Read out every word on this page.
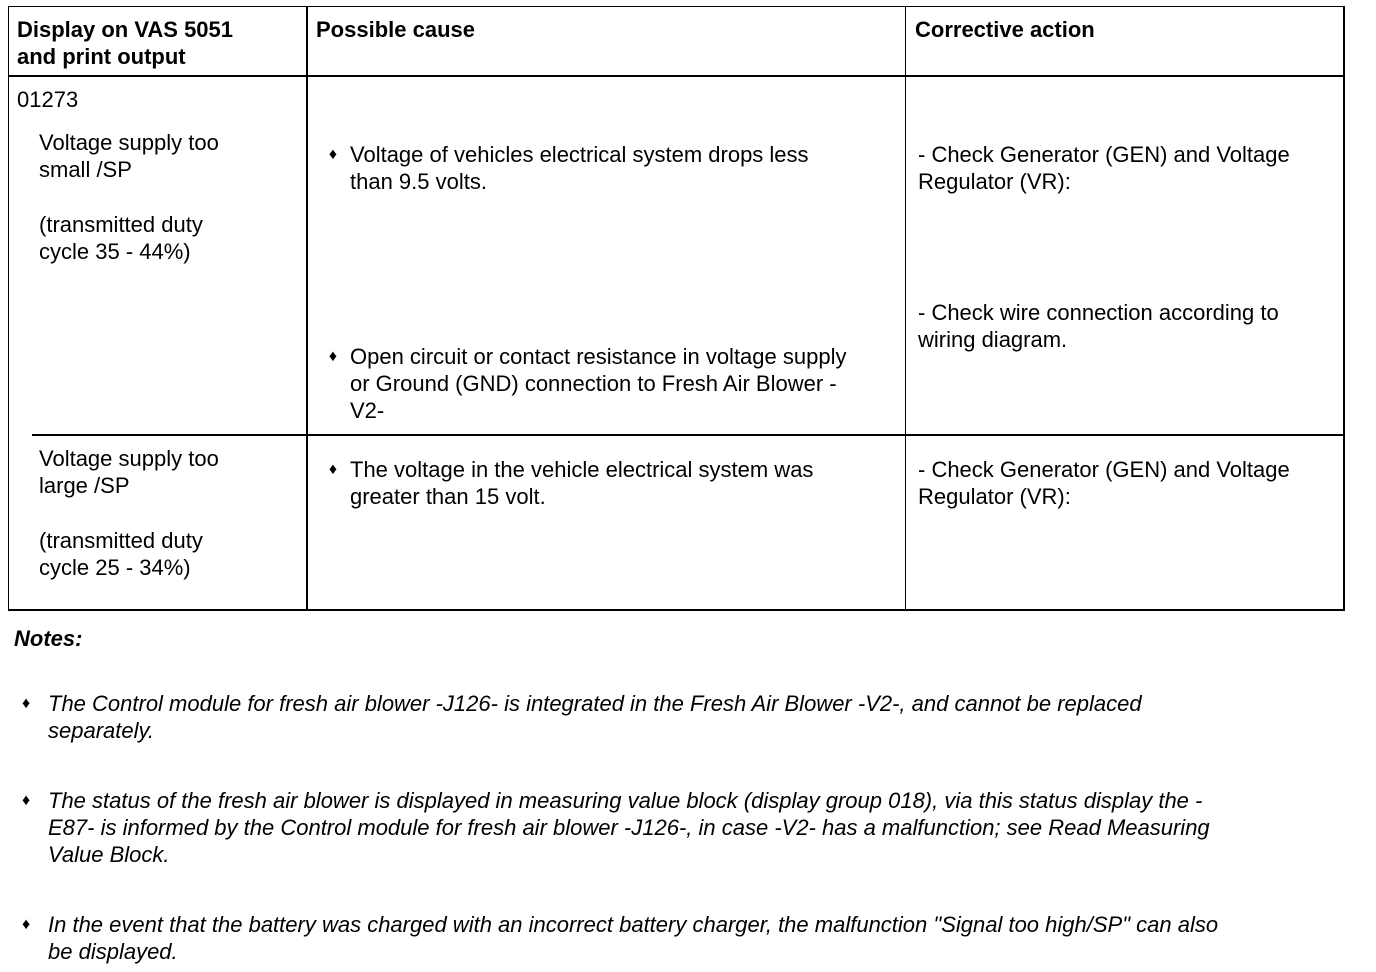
Display on VAS 5051
and print output
Possible cause	Corrective action
01273
Voltage supply too
small /SP
(transmitted duty
cycle 35 - 44%)
♦ Voltage of vehicles electrical system drops less
than 9.5 volts.
♦ Open circuit or contact resistance in voltage supply
or Ground (GND) connection to Fresh Air Blower -
V2-
- Check Generator (GEN) and Voltage
Regulator (VR):
- Check wire connection according to
wiring diagram.
Voltage supply too
large /SP
(transmitted duty
cycle 25 - 34%)
♦ The voltage in the vehicle electrical system was
greater than 15 volt.
- Check Generator (GEN) and Voltage
Regulator (VR):
Notes:
♦ The Control module for fresh air blower -J126- is integrated in the Fresh Air Blower -V2-, and cannot be replaced
separately.
♦ The status of the fresh air blower is displayed in measuring value block (display group 018), via this status display the -
E87- is informed by the Control module for fresh air blower -J126-, in case -V2- has a malfunction; see Read Measuring
Value Block.
♦ In the event that the battery was charged with an incorrect battery charger, the malfunction "Signal too high/SP" can also
be displayed.
